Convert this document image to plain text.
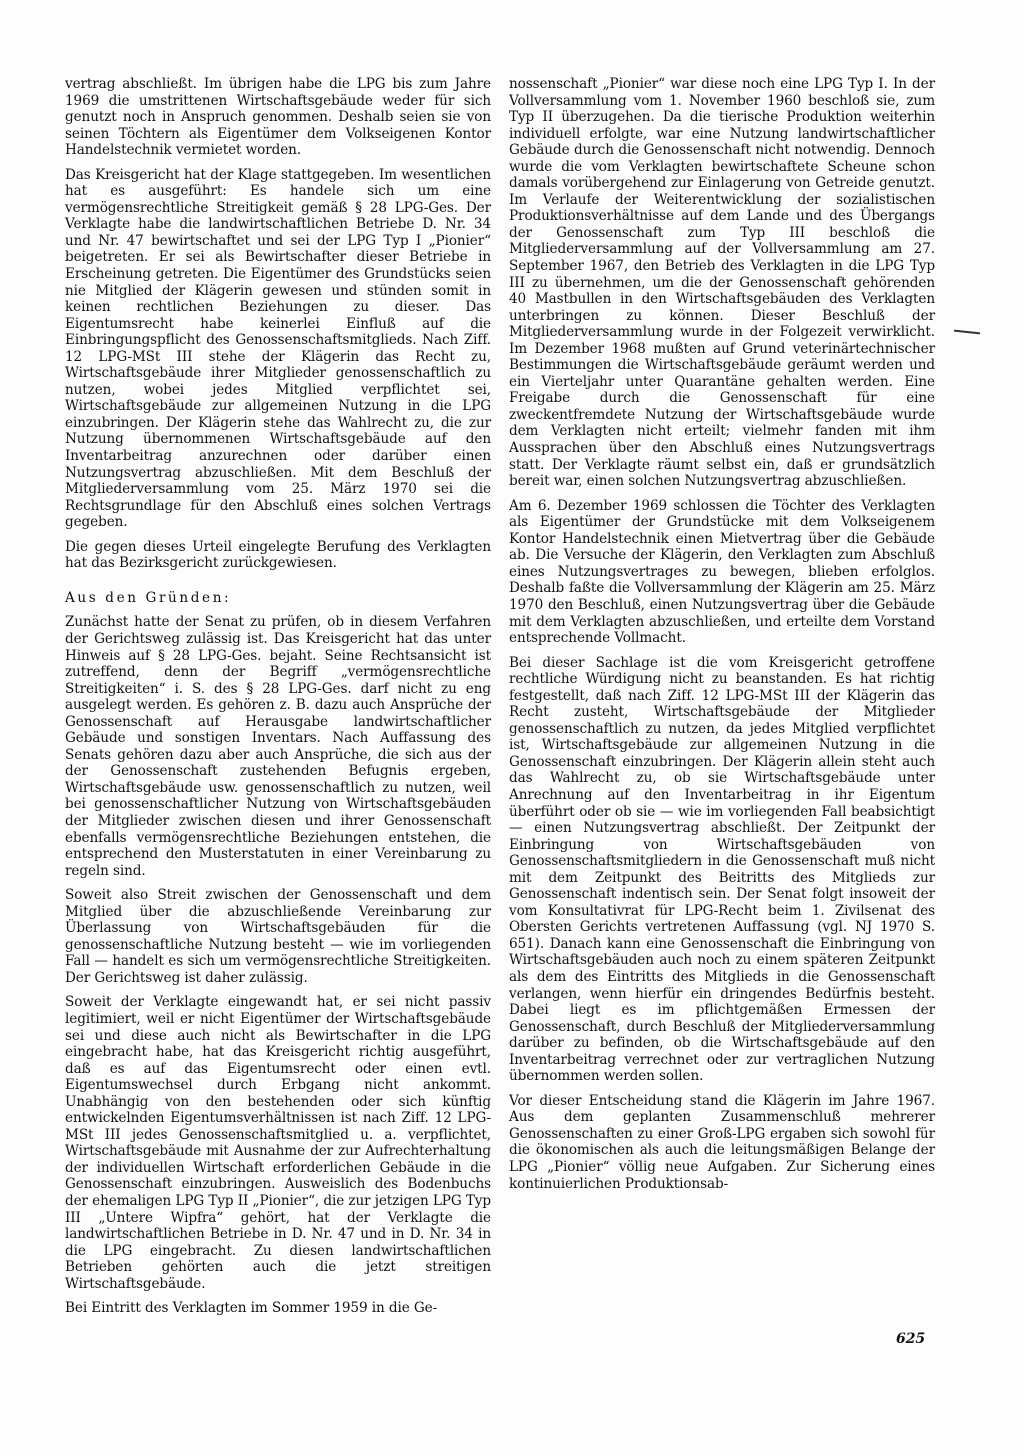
vertrag abschließt. Im übrigen habe die LPG bis zum Jahre 1969 die umstrittenen Wirtschaftsgebäude weder für sich genutzt noch in Anspruch genommen. Deshalb seien sie von seinen Töchtern als Eigentümer dem Volkseigenen Kontor Handelstechnik vermietet worden.

Das Kreisgericht hat der Klage stattgegeben. Im wesentlichen hat es ausgeführt: Es handele sich um eine vermögensrechtliche Streitigkeit gemäß § 28 LPG-Ges. Der Verklagte habe die landwirtschaftlichen Betriebe D. Nr. 34 und Nr. 47 bewirtschaftet und sei der LPG Typ I „Pionier“ beigetreten. Er sei als Bewirtschafter dieser Betriebe in Erscheinung getreten. Die Eigentümer des Grundstücks seien nie Mitglied der Klägerin gewesen und stünden somit in keinen rechtlichen Beziehungen zu dieser. Das Eigentumsrecht habe keinerlei Einfluß auf die Einbringungspflicht des Genossenschaftsmitglieds. Nach Ziff. 12 LPG-MSt III stehe der Klägerin das Recht zu, Wirtschaftsgebäude ihrer Mitglieder genossenschaftlich zu nutzen, wobei jedes Mitglied verpflichtet sei, Wirtschaftsgebäude zur allgemeinen Nutzung in die LPG einzubringen. Der Klägerin stehe das Wahlrecht zu, die zur Nutzung übernommenen Wirtschaftsgebäude auf den Inventarbeitrag anzurechnen oder darüber einen Nutzungsvertrag abzuschließen. Mit dem Beschluß der Mitgliederversammlung vom 25. März 1970 sei die Rechtsgrundlage für den Abschluß eines solchen Vertrags gegeben.

Die gegen dieses Urteil eingelegte Berufung des Verklagten hat das Bezirksgericht zurückgewiesen.

Aus den Gründen:

Zunächst hatte der Senat zu prüfen, ob in diesem Verfahren der Gerichtsweg zulässig ist. Das Kreisgericht hat das unter Hinweis auf § 28 LPG-Ges. bejaht. Seine Rechtsansicht ist zutreffend, denn der Begriff „vermögensrechtliche Streitigkeiten“ i. S. des § 28 LPG-Ges. darf nicht zu eng ausgelegt werden. Es gehören z. B. dazu auch Ansprüche der Genossenschaft auf Herausgabe landwirtschaftlicher Gebäude und sonstigen Inventars. Nach Auffassung des Senats gehören dazu aber auch Ansprüche, die sich aus der der Genossenschaft zustehenden Befugnis ergeben, Wirtschaftsgebäude usw. genossenschaftlich zu nutzen, weil bei genossenschaftlicher Nutzung von Wirtschaftsgebäuden der Mitglieder zwischen diesen und ihrer Genossenschaft ebenfalls vermögensrechtliche Beziehungen entstehen, die entsprechend den Musterstatuten in einer Vereinbarung zu regeln sind.

Soweit also Streit zwischen der Genossenschaft und dem Mitglied über die abzuschließende Vereinbarung zur Überlassung von Wirtschaftsgebäuden für die genossenschaftliche Nutzung besteht — wie im vorliegenden Fall — handelt es sich um vermögensrechtliche Streitigkeiten. Der Gerichtsweg ist daher zulässig.

Soweit der Verklagte eingewandt hat, er sei nicht passiv legitimiert, weil er nicht Eigentümer der Wirtschaftsgebäude sei und diese auch nicht als Bewirtschafter in die LPG eingebracht habe, hat das Kreisgericht richtig ausgeführt, daß es auf das Eigentumsrecht oder einen evtl. Eigentumswechsel durch Erbgang nicht ankommt. Unabhängig von den bestehenden oder sich künftig entwickelnden Eigentumsverhältnissen ist nach Ziff. 12 LPG-MSt III jedes Genossenschaftsmitglied u. a. verpflichtet, Wirtschaftsgebäude mit Ausnahme der zur Aufrechterhaltung der individuellen Wirtschaft erforderlichen Gebäude in die Genossenschaft einzubringen. Ausweislich des Bodenbuchs der ehemaligen LPG Typ II „Pionier“, die zur jetzigen LPG Typ III „Untere Wipfra“ gehört, hat der Verklagte die landwirtschaftlichen Betriebe in D. Nr. 47 und in D. Nr. 34 in die LPG eingebracht. Zu diesen landwirtschaftlichen Betrieben gehörten auch die jetzt streitigen Wirtschaftsgebäude.

Bei Eintritt des Verklagten im Sommer 1959 in die Ge-

nossenschaft „Pionier“ war diese noch eine LPG Typ I. In der Vollversammlung vom 1. November 1960 beschloß sie, zum Typ II überzugehen. Da die tierische Produktion weiterhin individuell erfolgte, war eine Nutzung landwirtschaftlicher Gebäude durch die Genossenschaft nicht notwendig. Dennoch wurde die vom Verklagten bewirtschaftete Scheune schon damals vorübergehend zur Einlagerung von Getreide genutzt. Im Verlaufe der Weiterentwicklung der sozialistischen Produktionsverhältnisse auf dem Lande und des Übergangs der Genossenschaft zum Typ III beschloß die Mitgliederversammlung auf der Vollversammlung am 27. September 1967, den Betrieb des Verklagten in die LPG Typ III zu übernehmen, um die der Genossenschaft gehörenden 40 Mastbullen in den Wirtschaftsgebäuden des Verklagten unterbringen zu können. Dieser Beschluß der Mitgliederversammlung wurde in der Folgezeit verwirklicht. Im Dezember 1968 mußten auf Grund veterinärtechnischer Bestimmungen die Wirtschaftsgebäude geräumt werden und ein Vierteljahr unter Quarantäne gehalten werden. Eine Freigabe durch die Genossenschaft für eine zweckentfremdete Nutzung der Wirtschaftsgebäude wurde dem Verklagten nicht erteilt; vielmehr fanden mit ihm Aussprachen über den Abschluß eines Nutzungsvertrags statt. Der Verklagte räumt selbst ein, daß er grundsätzlich bereit war, einen solchen Nutzungsvertrag abzuschließen.

Am 6. Dezember 1969 schlossen die Töchter des Verklagten als Eigentümer der Grundstücke mit dem Volkseigenem Kontor Handelstechnik einen Mietvertrag über die Gebäude ab. Die Versuche der Klägerin, den Verklagten zum Abschluß eines Nutzungsvertrages zu bewegen, blieben erfolglos. Deshalb faßte die Vollversammlung der Klägerin am 25. März 1970 den Beschluß, einen Nutzungsvertrag über die Gebäude mit dem Verklagten abzuschließen, und erteilte dem Vorstand entsprechende Vollmacht.

Bei dieser Sachlage ist die vom Kreisgericht getroffene rechtliche Würdigung nicht zu beanstanden. Es hat richtig festgestellt, daß nach Ziff. 12 LPG-MSt III der Klägerin das Recht zusteht, Wirtschaftsgebäude der Mitglieder genossenschaftlich zu nutzen, da jedes Mitglied verpflichtet ist, Wirtschaftsgebäude zur allgemeinen Nutzung in die Genossenschaft einzubringen. Der Klägerin allein steht auch das Wahlrecht zu, ob sie Wirtschaftsgebäude unter Anrechnung auf den Inventarbeitrag in ihr Eigentum überführt oder ob sie — wie im vorliegenden Fall beabsichtigt — einen Nutzungsvertrag abschließt. Der Zeitpunkt der Einbringung von Wirtschaftsgebäuden von Genossenschaftsmitgliedern in die Genossenschaft muß nicht mit dem Zeitpunkt des Beitritts des Mitglieds zur Genossenschaft indentisch sein. Der Senat folgt insoweit der vom Konsultativrat für LPG-Recht beim 1. Zivilsenat des Obersten Gerichts vertretenen Auffassung (vgl. NJ 1970 S. 651). Danach kann eine Genossenschaft die Einbringung von Wirtschaftsgebäuden auch noch zu einem späteren Zeitpunkt als dem des Eintritts des Mitglieds in die Genossenschaft verlangen, wenn hierfür ein dringendes Bedürfnis besteht. Dabei liegt es im pflichtgemäßen Ermessen der Genossenschaft, durch Beschluß der Mitgliederversammlung darüber zu befinden, ob die Wirtschaftsgebäude auf den Inventarbeitrag verrechnet oder zur vertraglichen Nutzung übernommen werden sollen.

Vor dieser Entscheidung stand die Klägerin im Jahre 1967. Aus dem geplanten Zusammenschluß mehrerer Genossenschaften zu einer Groß-LPG ergaben sich sowohl für die ökonomischen als auch die leitungsmäßigen Belange der LPG „Pionier“ völlig neue Aufgaben. Zur Sicherung eines kontinuierlichen Produktionsab-

625
